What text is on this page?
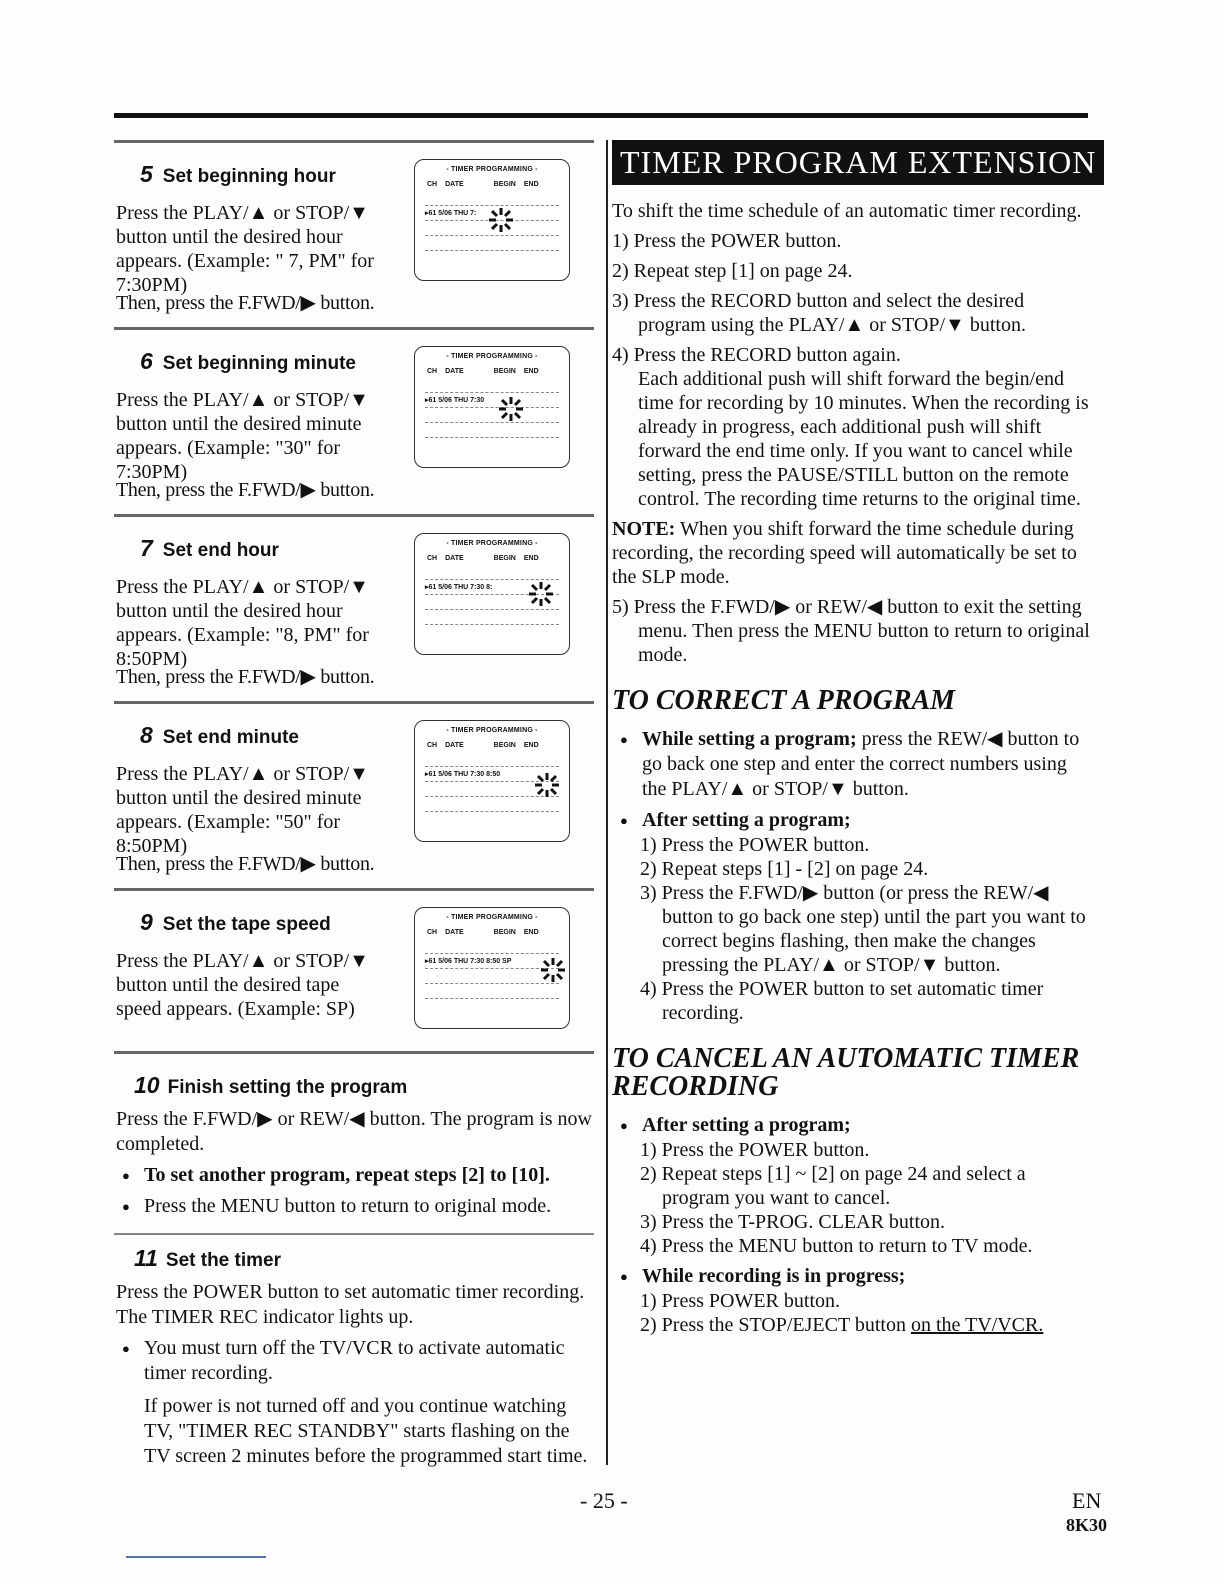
5 Set beginning hour
Press the PLAY/▲ or STOP/▼
button until the desired hour
appears. (Example: " 7, PM" for
7:30PM)
Then, press the F.FWD/▶ button.
- TIMER PROGRAMMING -
CH DATE	BEGIN END
▸61 5/06 THU 7:
6 Set beginning minute
Press the PLAY/▲ or STOP/▼
button until the desired minute
appears. (Example: "30" for
7:30PM)
Then, press the F.FWD/▶ button.
- TIMER PROGRAMMING -
CH DATE	BEGIN END
▸61 5/06 THU 7:30
7 Set end hour
Press the PLAY/▲ or STOP/▼
button until the desired hour
appears. (Example: "8, PM" for
8:50PM)
Then, press the F.FWD/▶ button.
- TIMER PROGRAMMING -
CH DATE	BEGIN END
▸61 5/06 THU 7:30 8:
8 Set end minute
Press the PLAY/▲ or STOP/▼
button until the desired minute
appears. (Example: "50" for
8:50PM)
Then, press the F.FWD/▶ button.
- TIMER PROGRAMMING -
CH DATE	BEGIN END
▸61 5/06 THU 7:30 8:50
9 Set the tape speed
Press the PLAY/▲ or STOP/▼
button until the desired tape
speed appears. (Example: SP)
- TIMER PROGRAMMING -
CH DATE	BEGIN END
▸61 5/06 THU 7:30 8:50 SP
10 Finish setting the program
Press the F.FWD/▶ or REW/◀ button. The program is now completed.
● To set another program, repeat steps [2] to [10].
● Press the MENU button to return to original mode.
11 Set the timer
Press the POWER button to set automatic timer recording. The TIMER REC indicator lights up.
● You must turn off the TV/VCR to activate automatic timer recording.
If power is not turned off and you continue watching TV, "TIMER REC STANDBY" starts flashing on the TV screen 2 minutes before the programmed start time.
TIMER PROGRAM EXTENSION
To shift the time schedule of an automatic timer recording.
1) Press the POWER button.
2) Repeat step [1] on page 24.
3) Press the RECORD button and select the desired program using the PLAY/▲ or STOP/▼ button.
4) Press the RECORD button again.
Each additional push will shift forward the begin/end time for recording by 10 minutes. When the recording is already in progress, each additional push will shift forward the end time only. If you want to cancel while setting, press the PAUSE/STILL button on the remote control. The recording time returns to the original time.
NOTE: When you shift forward the time schedule during recording, the recording speed will automatically be set to the SLP mode.
5) Press the F.FWD/▶ or REW/◀ button to exit the setting menu. Then press the MENU button to return to original mode.
TO CORRECT A PROGRAM
● While setting a program; press the REW/◀ button to go back one step and enter the correct numbers using the PLAY/▲ or STOP/▼ button.
● After setting a program;
1) Press the POWER button.
2) Repeat steps [1] - [2] on page 24.
3) Press the F.FWD/▶ button (or press the REW/◀ button to go back one step) until the part you want to correct begins flashing, then make the changes pressing the PLAY/▲ or STOP/▼ button.
4) Press the POWER button to set automatic timer recording.
TO CANCEL AN AUTOMATIC TIMER RECORDING
● After setting a program;
1) Press the POWER button.
2) Repeat steps [1] ~ [2] on page 24 and select a program you want to cancel.
3) Press the T-PROG. CLEAR button.
4) Press the MENU button to return to TV mode.
● While recording is in progress;
1) Press POWER button.
2) Press the STOP/EJECT button on the TV/VCR.
- 25 -	EN
8K30
